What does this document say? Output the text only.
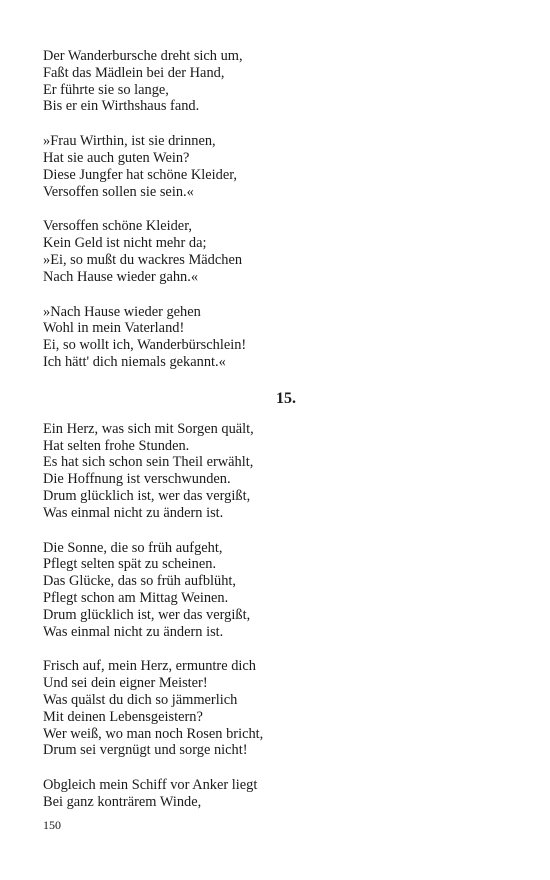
Der Wanderbursche dreht sich um,
Faßt das Mädlein bei der Hand,
Er führte sie so lange,
Bis er ein Wirthshaus fand.
»Frau Wirthin, ist sie drinnen,
Hat sie auch guten Wein?
Diese Jungfer hat schöne Kleider,
Versoffen sollen sie sein.«
Versoffen schöne Kleider,
Kein Geld ist nicht mehr da;
»Ei, so mußt du wackres Mädchen
Nach Hause wieder gahn.«
»Nach Hause wieder gehen
Wohl in mein Vaterland!
Ei, so wollt ich, Wanderbürschlein!
Ich hätt' dich niemals gekannt.«
15.
Ein Herz, was sich mit Sorgen quält,
Hat selten frohe Stunden.
Es hat sich schon sein Theil erwählt,
Die Hoffnung ist verschwunden.
Drum glücklich ist, wer das vergißt,
Was einmal nicht zu ändern ist.
Die Sonne, die so früh aufgeht,
Pflegt selten spät zu scheinen.
Das Glücke, das so früh aufblüht,
Pflegt schon am Mittag Weinen.
Drum glücklich ist, wer das vergißt,
Was einmal nicht zu ändern ist.
Frisch auf, mein Herz, ermuntre dich
Und sei dein eigner Meister!
Was quälst du dich so jämmerlich
Mit deinen Lebensgeistern?
Wer weiß, wo man noch Rosen bricht,
Drum sei vergnügt und sorge nicht!
Obgleich mein Schiff vor Anker liegt
Bei ganz konträrem Winde,
150
